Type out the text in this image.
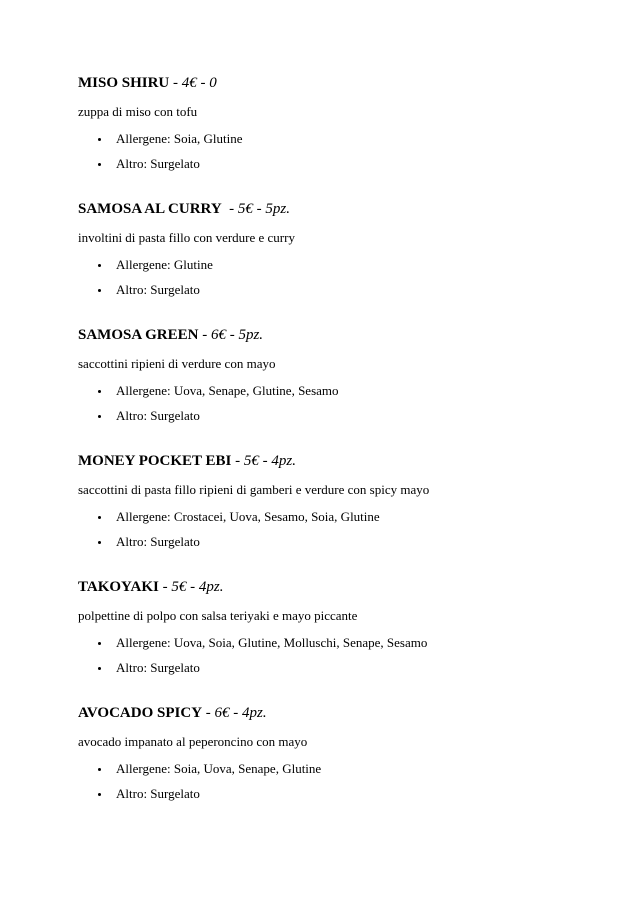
MISO SHIRU - 4€ - 0

zuppa di miso con tofu

Allergene: Soia, Glutine
Altro: Surgelato
SAMOSA AL CURRY  - 5€ - 5pz.

involtini di pasta fillo con verdure e curry

Allergene: Glutine
Altro: Surgelato
SAMOSA GREEN - 6€ - 5pz.

saccottini ripieni di verdure con mayo

Allergene: Uova, Senape, Glutine, Sesamo
Altro: Surgelato
MONEY POCKET EBI - 5€ - 4pz.

saccottini di pasta fillo ripieni di gamberi e verdure con spicy mayo

Allergene: Crostacei, Uova, Sesamo, Soia, Glutine
Altro: Surgelato
TAKOYAKI - 5€ - 4pz.

polpettine di polpo con salsa teriyaki e mayo piccante

Allergene: Uova, Soia, Glutine, Molluschi, Senape, Sesamo
Altro: Surgelato
AVOCADO SPICY - 6€ - 4pz.

avocado impanato al peperoncino con mayo

Allergene: Soia, Uova, Senape, Glutine
Altro: Surgelato
